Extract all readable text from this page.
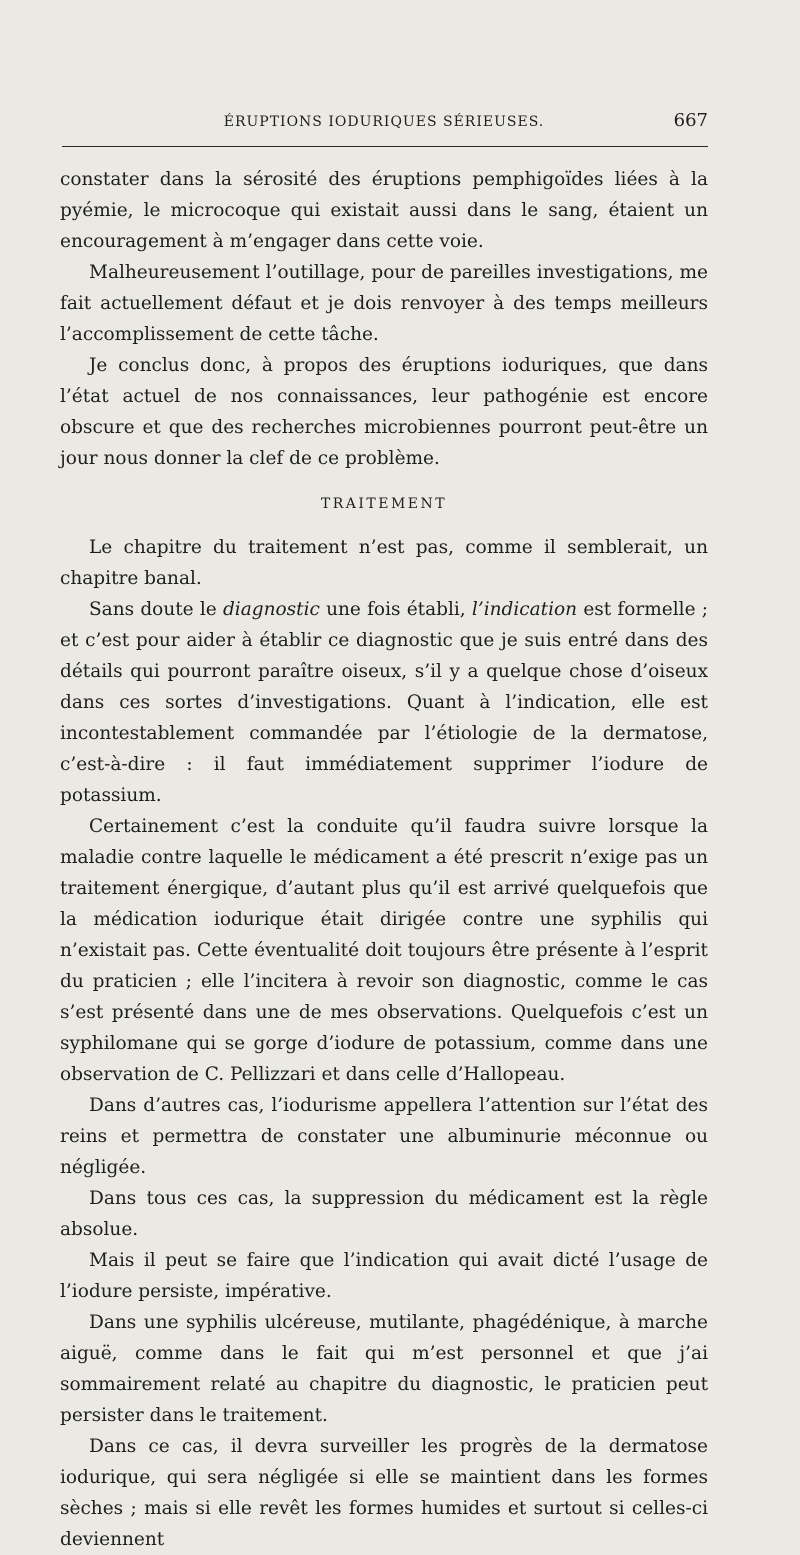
ÉRUPTIONS IODURIQUES SÉRIEUSES.	667

constater dans la sérosité des éruptions pemphigoïdes liées à la pyémie, le microcoque qui existait aussi dans le sang, étaient un encouragement à m’engager dans cette voie.

Malheureusement l’outillage, pour de pareilles investigations, me fait actuellement défaut et je dois renvoyer à des temps meilleurs l’accomplissement de cette tâche.

Je conclus donc, à propos des éruptions ioduriques, que dans l’état actuel de nos connaissances, leur pathogénie est encore obscure et que des recherches microbiennes pourront peut-être un jour nous donner la clef de ce problème.

TRAITEMENT

Le chapitre du traitement n’est pas, comme il semblerait, un chapitre banal.

Sans doute le diagnostic une fois établi, l’indication est formelle ; et c’est pour aider à établir ce diagnostic que je suis entré dans des détails qui pourront paraître oiseux, s’il y a quelque chose d’oiseux dans ces sortes d’investigations. Quant à l’indication, elle est incontestablement commandée par l’étiologie de la dermatose, c’est-à-dire : il faut immédiatement supprimer l’iodure de potassium.

Certainement c’est la conduite qu’il faudra suivre lorsque la maladie contre laquelle le médicament a été prescrit n’exige pas un traitement énergique, d’autant plus qu’il est arrivé quelquefois que la médication iodurique était dirigée contre une syphilis qui n’existait pas. Cette éventualité doit toujours être présente à l’esprit du praticien ; elle l’incitera à revoir son diagnostic, comme le cas s’est présenté dans une de mes observations. Quelquefois c’est un syphilomane qui se gorge d’iodure de potassium, comme dans une observation de C. Pellizzari et dans celle d’Hallopeau.

Dans d’autres cas, l’iodurisme appellera l’attention sur l’état des reins et permettra de constater une albuminurie méconnue ou négligée.

Dans tous ces cas, la suppression du médicament est la règle absolue.

Mais il peut se faire que l’indication qui avait dicté l’usage de l’iodure persiste, impérative.

Dans une syphilis ulcéreuse, mutilante, phagédénique, à marche aiguë, comme dans le fait qui m’est personnel et que j’ai sommairement relaté au chapitre du diagnostic, le praticien peut persister dans le traitement.

Dans ce cas, il devra surveiller les progrès de la dermatose iodurique, qui sera négligée si elle se maintient dans les formes sèches ; mais si elle revêt les formes humides et surtout si celles-ci deviennent
